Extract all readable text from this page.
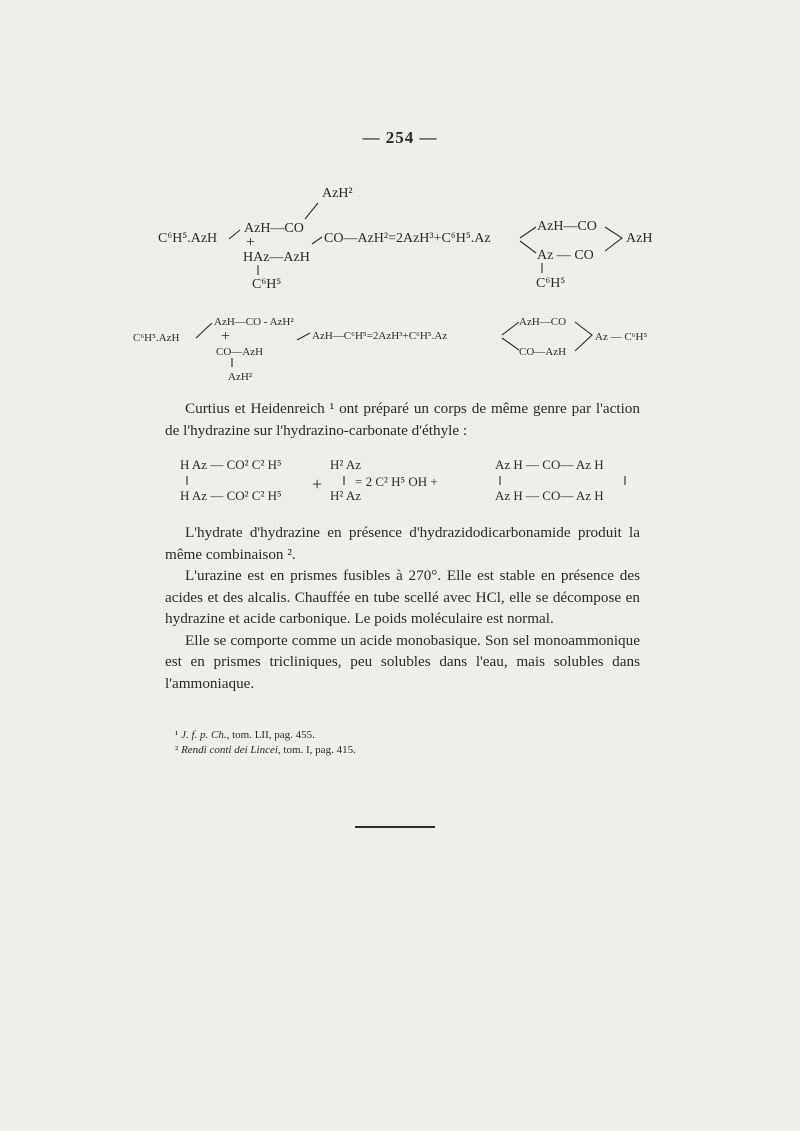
— 254 —
AzH²
C⁶H⁵.AzH
AzH—CO
+
HAz—AzH
C⁶H⁵
CO—AzH²=2AzH³+C⁶H⁵.Az
AzH—CO
Az — CO
AzH
C⁶H⁵
C⁶H⁵.AzH
AzH—CO - AzH²
+
CO—AzH
AzH²
AzH—C⁶H⁵=2AzH³+C⁶H⁵.Az
AzH—CO
CO—AzH
Az — C⁶H⁵

Curtius et Heidenreich ¹ ont préparé un corps de même genre par l'action de l'hydrazine sur l'hydrazino-carbonate d'éthyle :

H Az — CO² C² H⁵
H Az — CO² C² H⁵
+
H² Az
H² Az
= 2 C² H⁵ OH +
Az H — CO— Az H
Az H — CO— Az H

L'hydrate d'hydrazine en présence d'hydrazidodicarbonamide produit la même combinaison ².

L'urazine est en prismes fusibles à 270°. Elle est stable en présence des acides et des alcalis. Chauffée en tube scellé avec HCl, elle se décompose en hydrazine et acide carbonique. Le poids moléculaire est normal.

Elle se comporte comme un acide monobasique. Son sel monoammonique est en prismes tricliniques, peu solubles dans l'eau, mais solubles dans l'ammoniaque.

¹ J. f. p. Ch., tom. LII, pag. 455.
² Rendi conti dei Lincei, tom. I, pag. 415.
